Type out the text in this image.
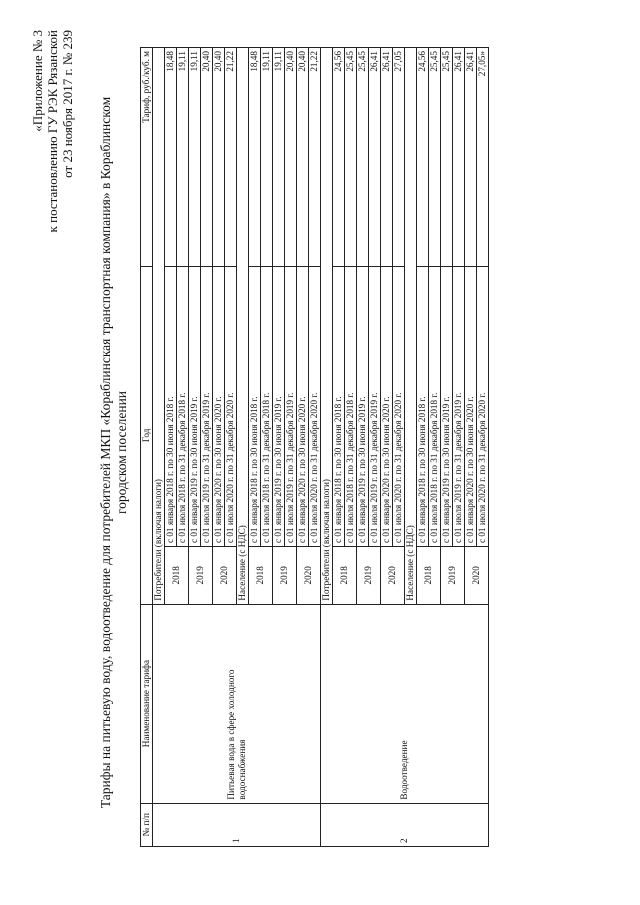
«Приложение № 3 к постановлению ГУ РЭК Рязанской от 23 ноября 2017 г. № 239 Тарифы на питьевую воду, водоотведение для потребителей МКП «Кораблинская транспортная компания» в Кораблинском городском поселении
№ п/п	Наименование тарифа	Год		Тариф, руб./куб. м
1	Питьевая вода в сфере холодного водоснабжения	Потребители (включая налоги)		
		2018	с 01 января 2018 г. по 30 июня 2018 г.	18,48
			с 01 июля 2018 г. по 31 декабря 2018 г.	19,11
		2019	с 01 января 2019 г. по 30 июня 2019 г.	19,11
			с 01 июля 2019 г. по 31 декабря 2019 г.	20,40
		2020	с 01 января 2020 г. по 30 июня 2020 г.	20,40
			с 01 июля 2020 г. по 31 декабря 2020 г.	21,22
		Население (с НДС)		
		2018	с 01 января 2018 г. по 30 июня 2018 г.	18,48
			с 01 июля 2018 г. по 31 декабря 2018 г.	19,11
		2019	с 01 января 2019 г. по 30 июня 2019 г.	19,11
			с 01 июля 2019 г. по 31 декабря 2019 г.	20,40
		2020	с 01 января 2020 г. по 30 июня 2020 г.	20,40
			с 01 июля 2020 г. по 31 декабря 2020 г.	21,22
2	Водоотведение	Потребители (включая налоги)		
		2018	с 01 января 2018 г. по 30 июня 2018 г.	24,56
			с 01 июля 2018 г. по 31 декабря 2018 г.	25,45
		2019	с 01 января 2019 г. по 30 июня 2019 г.	25,45
			с 01 июля 2019 г. по 31 декабря 2019 г.	26,41
		2020	с 01 января 2020 г. по 30 июня 2020 г.	26,41
			с 01 июля 2020 г. по 31 декабря 2020 г.	27,05
		Население (с НДС)		
		2018	с 01 января 2018 г. по 30 июня 2018 г.	24,56
			с 01 июля 2018 г. по 31 декабря 2018 г.	25,45
		2019	с 01 января 2019 г. по 30 июня 2019 г.	25,45
			с 01 июля 2019 г. по 31 декабря 2019 г.	26,41
		2020	с 01 января 2020 г. по 30 июня 2020 г.	26,41
			с 01 июля 2020 г. по 31 декабря 2020 г.	27,05»
